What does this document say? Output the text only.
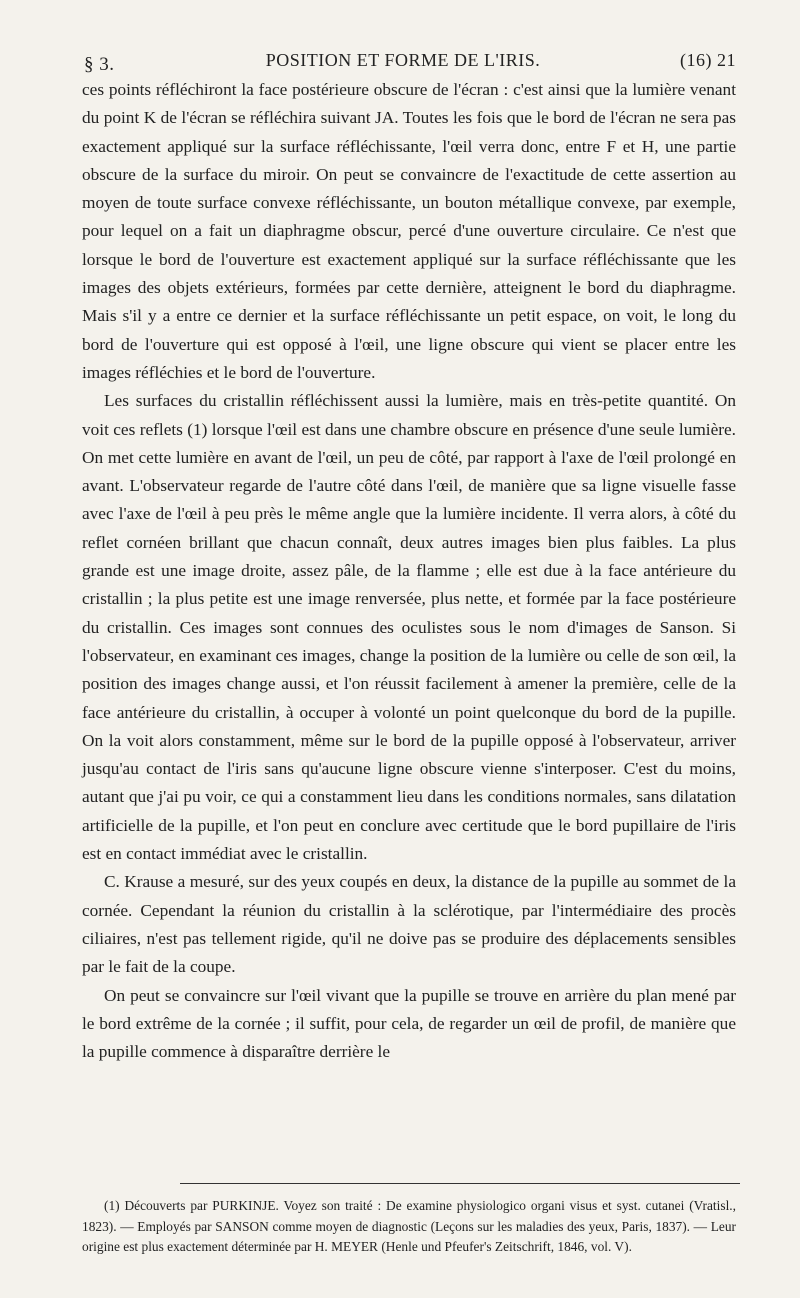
§ 3.	POSITION ET FORME DE L'IRIS.	(16) 21

ces points réfléchiront la face postérieure obscure de l'écran : c'est ainsi que la lumière venant du point K de l'écran se réfléchira suivant JA. Toutes les fois que le bord de l'écran ne sera pas exactement appliqué sur la surface réfléchissante, l'œil verra donc, entre F et H, une partie obscure de la surface du miroir. On peut se convaincre de l'exactitude de cette assertion au moyen de toute surface convexe réfléchissante, un bouton métallique convexe, par exemple, pour lequel on a fait un diaphragme obscur, percé d'une ouverture circulaire. Ce n'est que lorsque le bord de l'ouverture est exactement appliqué sur la surface réfléchissante que les images des objets extérieurs, formées par cette dernière, atteignent le bord du diaphragme. Mais s'il y a entre ce dernier et la surface réfléchissante un petit espace, on voit, le long du bord de l'ouverture qui est opposé à l'œil, une ligne obscure qui vient se placer entre les images réfléchies et le bord de l'ouverture.

Les surfaces du cristallin réfléchissent aussi la lumière, mais en très-petite quantité. On voit ces reflets (1) lorsque l'œil est dans une chambre obscure en présence d'une seule lumière. On met cette lumière en avant de l'œil, un peu de côté, par rapport à l'axe de l'œil prolongé en avant. L'observateur regarde de l'autre côté dans l'œil, de manière que sa ligne visuelle fasse avec l'axe de l'œil à peu près le même angle que la lumière incidente. Il verra alors, à côté du reflet cornéen brillant que chacun connaît, deux autres images bien plus faibles. La plus grande est une image droite, assez pâle, de la flamme ; elle est due à la face antérieure du cristallin ; la plus petite est une image renversée, plus nette, et formée par la face postérieure du cristallin. Ces images sont connues des oculistes sous le nom d'images de Sanson. Si l'observateur, en examinant ces images, change la position de la lumière ou celle de son œil, la position des images change aussi, et l'on réussit facilement à amener la première, celle de la face antérieure du cristallin, à occuper à volonté un point quelconque du bord de la pupille. On la voit alors constamment, même sur le bord de la pupille opposé à l'observateur, arriver jusqu'au contact de l'iris sans qu'aucune ligne obscure vienne s'interposer. C'est du moins, autant que j'ai pu voir, ce qui a constamment lieu dans les conditions normales, sans dilatation artificielle de la pupille, et l'on peut en conclure avec certitude que le bord pupillaire de l'iris est en contact immédiat avec le cristallin.

C. Krause a mesuré, sur des yeux coupés en deux, la distance de la pupille au sommet de la cornée. Cependant la réunion du cristallin à la sclérotique, par l'intermédiaire des procès ciliaires, n'est pas tellement rigide, qu'il ne doive pas se produire des déplacements sensibles par le fait de la coupe.

On peut se convaincre sur l'œil vivant que la pupille se trouve en arrière du plan mené par le bord extrême de la cornée ; il suffit, pour cela, de regarder un œil de profil, de manière que la pupille commence à disparaître derrière le

(1) Découverts par PURKINJE. Voyez son traité : De examine physiologico organi visus et syst. cutanei (Vratisl., 1823). — Employés par SANSON comme moyen de diagnostic (Leçons sur les maladies des yeux, Paris, 1837). — Leur origine est plus exactement déterminée par H. MEYER (Henle und Pfeufer's Zeitschrift, 1846, vol. V).
